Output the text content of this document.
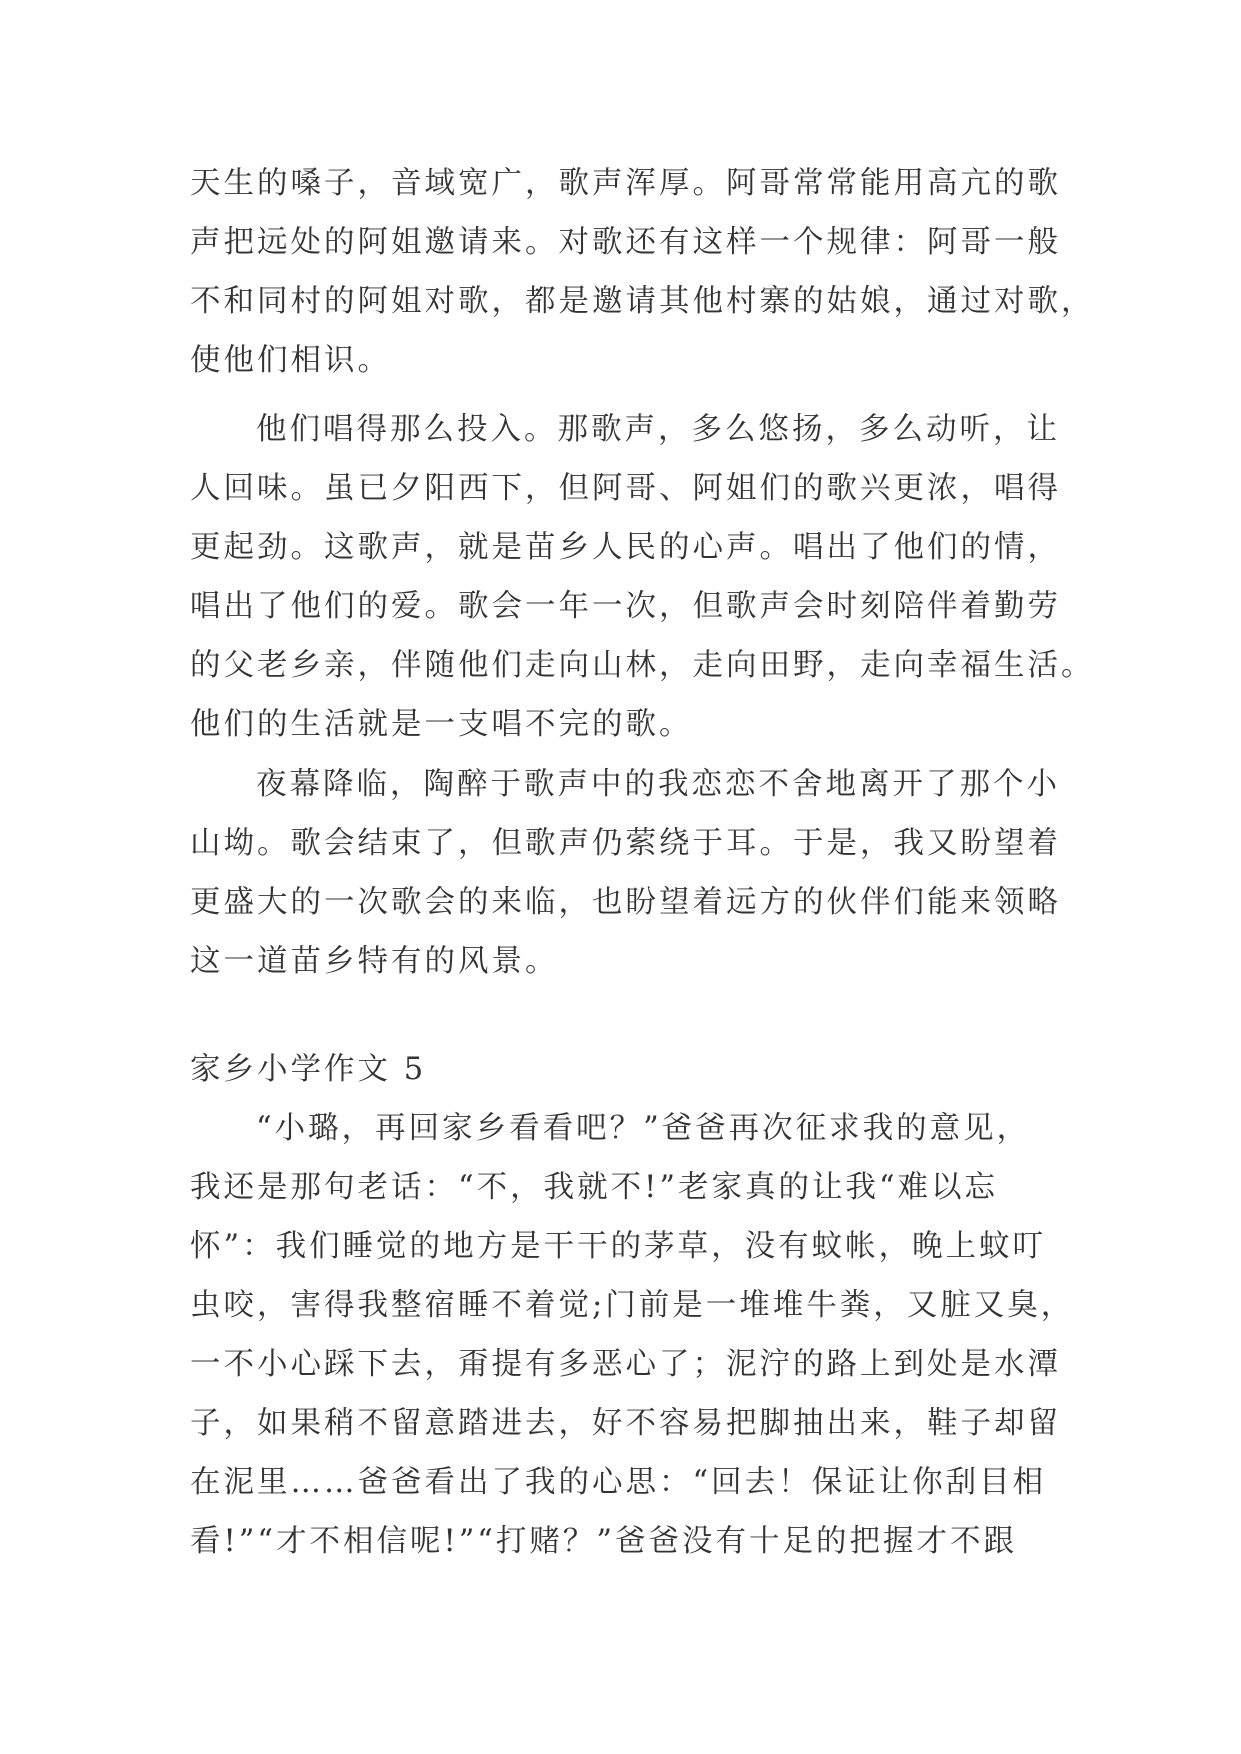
天生的嗓子，音域宽广，歌声浑厚。阿哥常常能用高亢的歌
声把远处的阿姐邀请来。对歌还有这样一个规律：阿哥一般
不和同村的阿姐对歌，都是邀请其他村寨的姑娘，通过对歌，
使他们相识。
他们唱得那么投入。那歌声，多么悠扬，多么动听，让
人回味。虽已夕阳西下，但阿哥、阿姐们的歌兴更浓，唱得
更起劲。这歌声，就是苗乡人民的心声。唱出了他们的情，
唱出了他们的爱。歌会一年一次，但歌声会时刻陪伴着勤劳
的父老乡亲，伴随他们走向山林，走向田野，走向幸福生活。
他们的生活就是一支唱不完的歌。
夜幕降临，陶醉于歌声中的我恋恋不舍地离开了那个小
山坳。歌会结束了，但歌声仍萦绕于耳。于是，我又盼望着
更盛大的一次歌会的来临，也盼望着远方的伙伴们能来领略
这一道苗乡特有的风景。
家乡小学作文 5
“小璐，再回家乡看看吧？”爸爸再次征求我的意见，
我还是那句老话：“不，我就不!”老家真的让我“难以忘
怀”：我们睡觉的地方是干干的茅草，没有蚊帐，晚上蚊叮
虫咬，害得我整宿睡不着觉;门前是一堆堆牛粪，又脏又臭，
一不小心踩下去，甭提有多恶心了；泥泞的路上到处是水潭
子，如果稍不留意踏进去，好不容易把脚抽出来，鞋子却留
在泥里……爸爸看出了我的心思：“回去！保证让你刮目相
看!”“才不相信呢!”“打赌？”爸爸没有十足的把握才不跟
